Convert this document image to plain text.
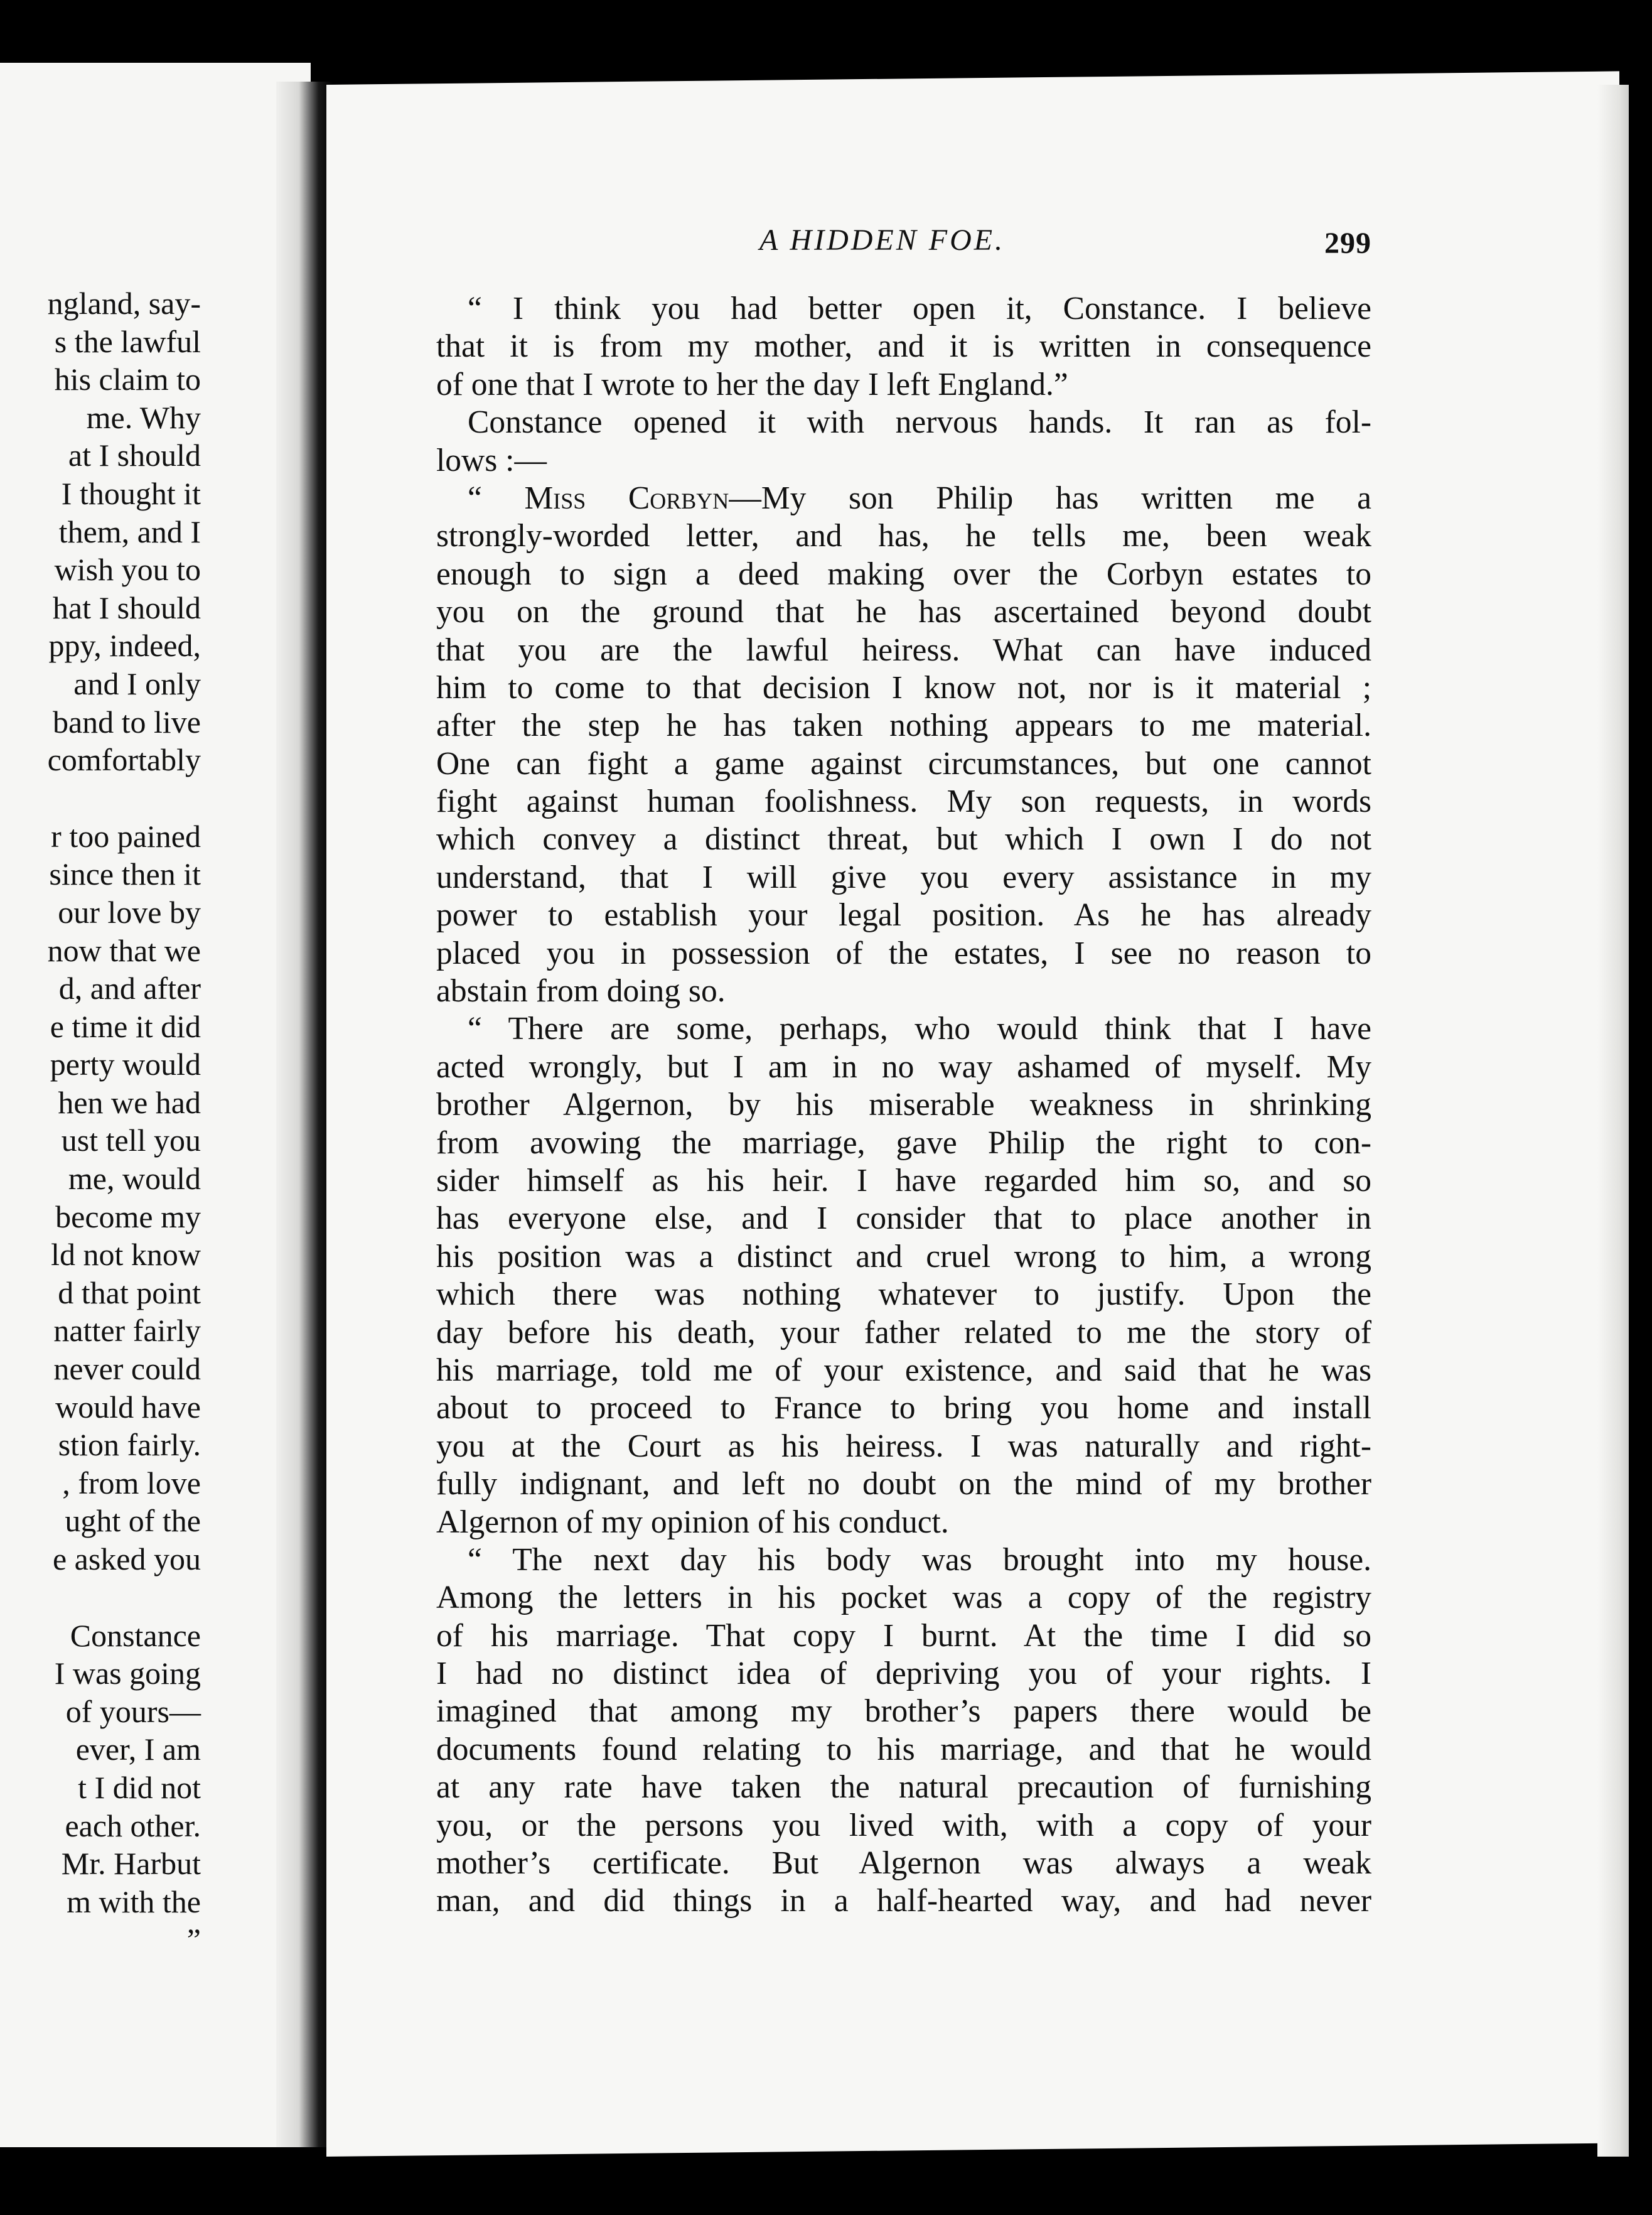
ngland, say-
s the lawful
his claim to
me. Why
at I should
I thought it
them, and I
wish you to
hat I should
ppy, indeed,
and I only
band to live
comfortably
r too pained
since then it
our love by
now that we
d, and after
e time it did
perty would
hen we had
ust tell you
me, would
become my
ld not know
d that point
natter fairly
never could
would have
stion fairly.
, from love
ught of the
e asked you
Constance
I was going
of yours—
ever, I am
t I did not
each other.
Mr. Harbut
m with the
”
A HIDDEN FOE.	299
“ I think you had better open it, Constance. I believe
that it is from my mother, and it is written in consequence
of one that I wrote to her the day I left England.”
Constance opened it with nervous hands. It ran as fol-
lows :—
“ Miss Corbyn—My son Philip has written me a
strongly-worded letter, and has, he tells me, been weak
enough to sign a deed making over the Corbyn estates to
you on the ground that he has ascertained beyond doubt
that you are the lawful heiress. What can have induced
him to come to that decision I know not, nor is it material ;
after the step he has taken nothing appears to me material.
One can fight a game against circumstances, but one cannot
fight against human foolishness. My son requests, in words
which convey a distinct threat, but which I own I do not
understand, that I will give you every assistance in my
power to establish your legal position. As he has already
placed you in possession of the estates, I see no reason to
abstain from doing so.
“ There are some, perhaps, who would think that I have
acted wrongly, but I am in no way ashamed of myself. My
brother Algernon, by his miserable weakness in shrinking
from avowing the marriage, gave Philip the right to con-
sider himself as his heir. I have regarded him so, and so
has everyone else, and I consider that to place another in
his position was a distinct and cruel wrong to him, a wrong
which there was nothing whatever to justify. Upon the
day before his death, your father related to me the story of
his marriage, told me of your existence, and said that he was
about to proceed to France to bring you home and install
you at the Court as his heiress. I was naturally and right-
fully indignant, and left no doubt on the mind of my brother
Algernon of my opinion of his conduct.
“ The next day his body was brought into my house.
Among the letters in his pocket was a copy of the registry
of his marriage. That copy I burnt. At the time I did so
I had no distinct idea of depriving you of your rights. I
imagined that among my brother’s papers there would be
documents found relating to his marriage, and that he would
at any rate have taken the natural precaution of furnishing
you, or the persons you lived with, with a copy of your
mother’s certificate. But Algernon was always a weak
man, and did things in a half-hearted way, and had never
